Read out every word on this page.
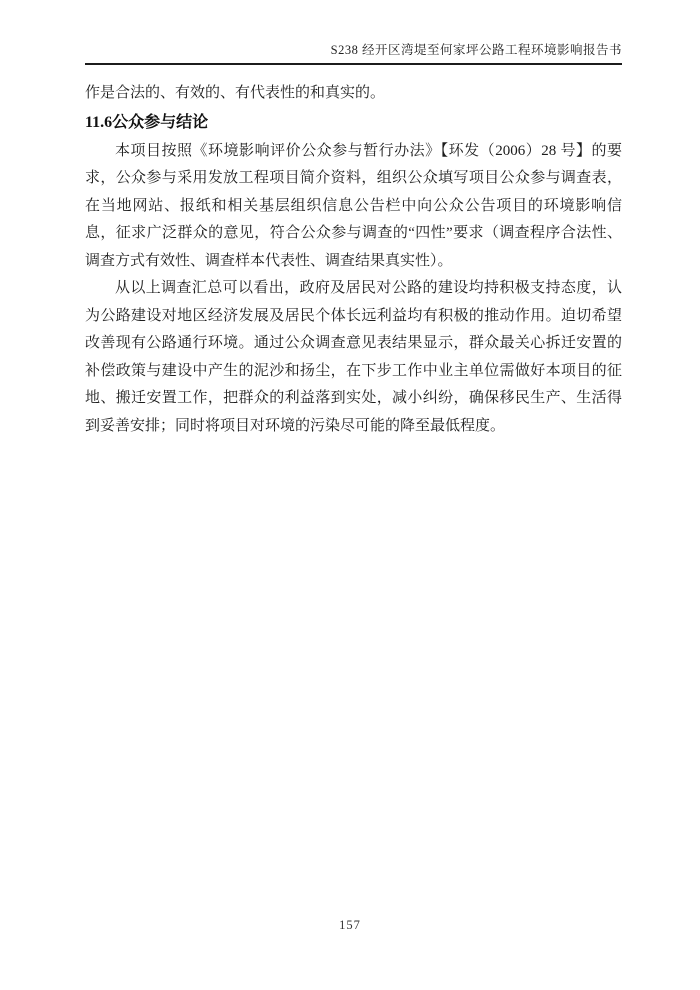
S238 经开区湾堤至何家坪公路工程环境影响报告书

作是合法的、有效的、有代表性的和真实的。

11.6公众参与结论

本项目按照《环境影响评价公众参与暂行办法》【环发（2006）28 号】的要求，公众参与采用发放工程项目简介资料，组织公众填写项目公众参与调查表，在当地网站、报纸和相关基层组织信息公告栏中向公众公告项目的环境影响信息，征求广泛群众的意见，符合公众参与调查的“四性”要求（调查程序合法性、调查方式有效性、调查样本代表性、调查结果真实性）。

从以上调查汇总可以看出，政府及居民对公路的建设均持积极支持态度，认为公路建设对地区经济发展及居民个体长远利益均有积极的推动作用。迫切希望改善现有公路通行环境。通过公众调查意见表结果显示，群众最关心拆迁安置的补偿政策与建设中产生的泥沙和扬尘，在下步工作中业主单位需做好本项目的征地、搬迁安置工作，把群众的利益落到实处，减小纠纷，确保移民生产、生活得到妥善安排；同时将项目对环境的污染尽可能的降至最低程度。

157
